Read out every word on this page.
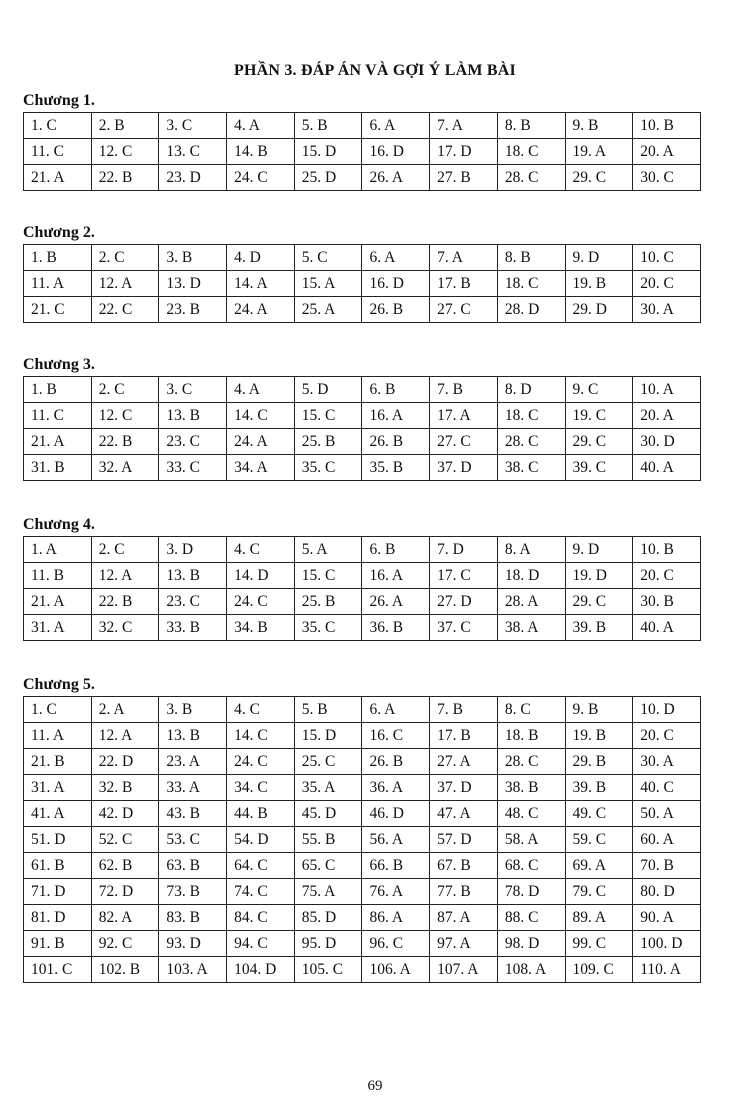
PHẦN 3. ĐÁP ÁN VÀ GỢI Ý LÀM BÀI
Chương 1.
1. C	2. B	3. C	4. A	5. B	6. A	7. A	8. B	9. B	10. B
11. C	12. C	13. C	14. B	15. D	16. D	17. D	18. C	19. A	20. A
21. A	22. B	23. D	24. C	25. D	26. A	27. B	28. C	29. C	30. C
Chương 2.
1. B	2. C	3. B	4. D	5. C	6. A	7. A	8. B	9. D	10. C
11. A	12. A	13. D	14. A	15. A	16. D	17. B	18. C	19. B	20. C
21. C	22. C	23. B	24. A	25. A	26. B	27. C	28. D	29. D	30. A
Chương 3.
1. B	2. C	3. C	4. A	5. D	6. B	7. B	8. D	9. C	10. A
11. C	12. C	13. B	14. C	15. C	16. A	17. A	18. C	19. C	20. A
21. A	22. B	23. C	24. A	25. B	26. B	27. C	28. C	29. C	30. D
31. B	32. A	33. C	34. A	35. C	35. B	37. D	38. C	39. C	40. A
Chương 4.
1. A	2. C	3. D	4. C	5. A	6. B	7. D	8. A	9. D	10. B
11. B	12. A	13. B	14. D	15. C	16. A	17. C	18. D	19. D	20. C
21. A	22. B	23. C	24. C	25. B	26. A	27. D	28. A	29. C	30. B
31. A	32. C	33. B	34. B	35. C	36. B	37. C	38. A	39. B	40. A
Chương 5.
1. C	2. A	3. B	4. C	5. B	6. A	7. B	8. C	9. B	10. D
11. A	12. A	13. B	14. C	15. D	16. C	17. B	18. B	19. B	20. C
21. B	22. D	23. A	24. C	25. C	26. B	27. A	28. C	29. B	30. A
31. A	32. B	33. A	34. C	35. A	36. A	37. D	38. B	39. B	40. C
41. A	42. D	43. B	44. B	45. D	46. D	47. A	48. C	49. C	50. A
51. D	52. C	53. C	54. D	55. B	56. A	57. D	58. A	59. C	60. A
61. B	62. B	63. B	64. C	65. C	66. B	67. B	68. C	69. A	70. B
71. D	72. D	73. B	74. C	75. A	76. A	77. B	78. D	79. C	80. D
81. D	82. A	83. B	84. C	85. D	86. A	87. A	88. C	89. A	90. A
91. B	92. C	93. D	94. C	95. D	96. C	97. A	98. D	99. C	100. D
101. C	102. B	103. A	104. D	105. C	106. A	107. A	108. A	109. C	110. A
69
